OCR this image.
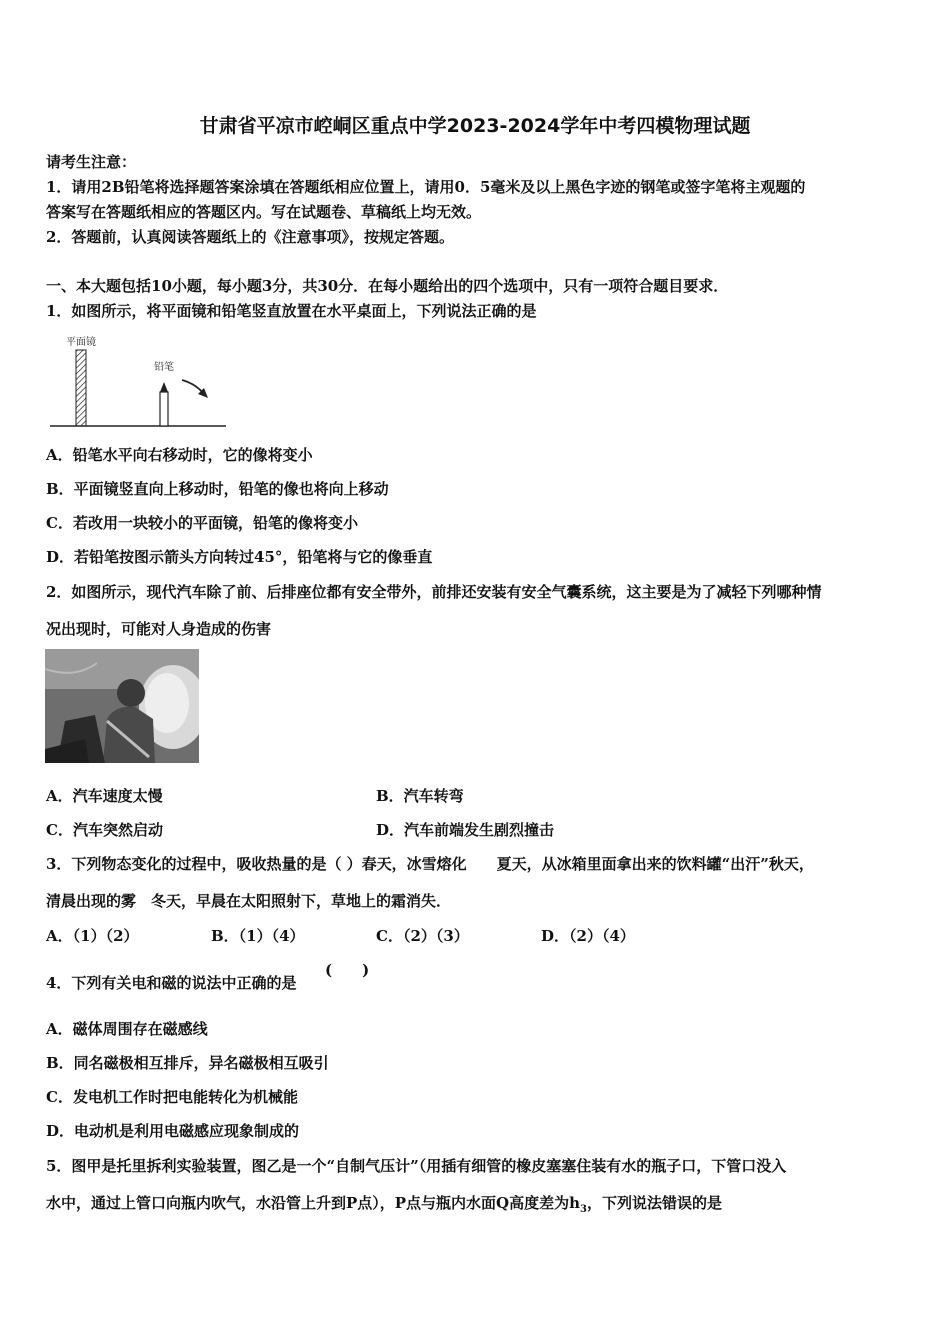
甘肃省平凉市崆峒区重点中学2023-2024学年中考四模物理试题
请考生注意：
1．请用2B铅笔将选择题答案涂填在答题纸相应位置上，请用0．5毫米及以上黑色字迹的钢笔或签字笔将主观题的
答案写在答题纸相应的答题区内。写在试题卷、草稿纸上均无效。
2．答题前，认真阅读答题纸上的《注意事项》，按规定答题。
一、本大题包括10小题，每小题3分，共30分．在每小题给出的四个选项中，只有一项符合题目要求．
1．如图所示，将平面镜和铅笔竖直放置在水平桌面上，下列说法正确的是
平面镜
铅笔
A．铅笔水平向右移动时，它的像将变小
B．平面镜竖直向上移动时，铅笔的像也将向上移动
C．若改用一块较小的平面镜，铅笔的像将变小
D．若铅笔按图示箭头方向转过45°，铅笔将与它的像垂直
2．如图所示，现代汽车除了前、后排座位都有安全带外，前排还安装有安全气囊系统，这主要是为了减轻下列哪种情
况出现时，可能对人身造成的伤害
A．汽车速度太慢	B．汽车转弯
C．汽车突然启动	D．汽车前端发生剧烈撞击
3．下列物态变化的过程中，吸收热量的是（ ）春天，冰雪熔化　　夏天，从冰箱里面拿出来的饮料罐“出汗”秋天，
清晨出现的雾　冬天，早晨在太阳照射下，草地上的霜消失．
A．（1）（2）	B．（1）（4）	C．（2）（3）	D．（2）（4）
4．下列有关电和磁的说法中正确的是
(　　)
A．磁体周围存在磁感线
B．同名磁极相互排斥，异名磁极相互吸引
C．发电机工作时把电能转化为机械能
D．电动机是利用电磁感应现象制成的
5．图甲是托里拆利实验装置，图乙是一个“自制气压计”（用插有细管的橡皮塞塞住装有水的瓶子口，下管口没入
水中，通过上管口向瓶内吹气，水沿管上升到P点），P点与瓶内水面Q高度差为$h_3$，下列说法错误的是
